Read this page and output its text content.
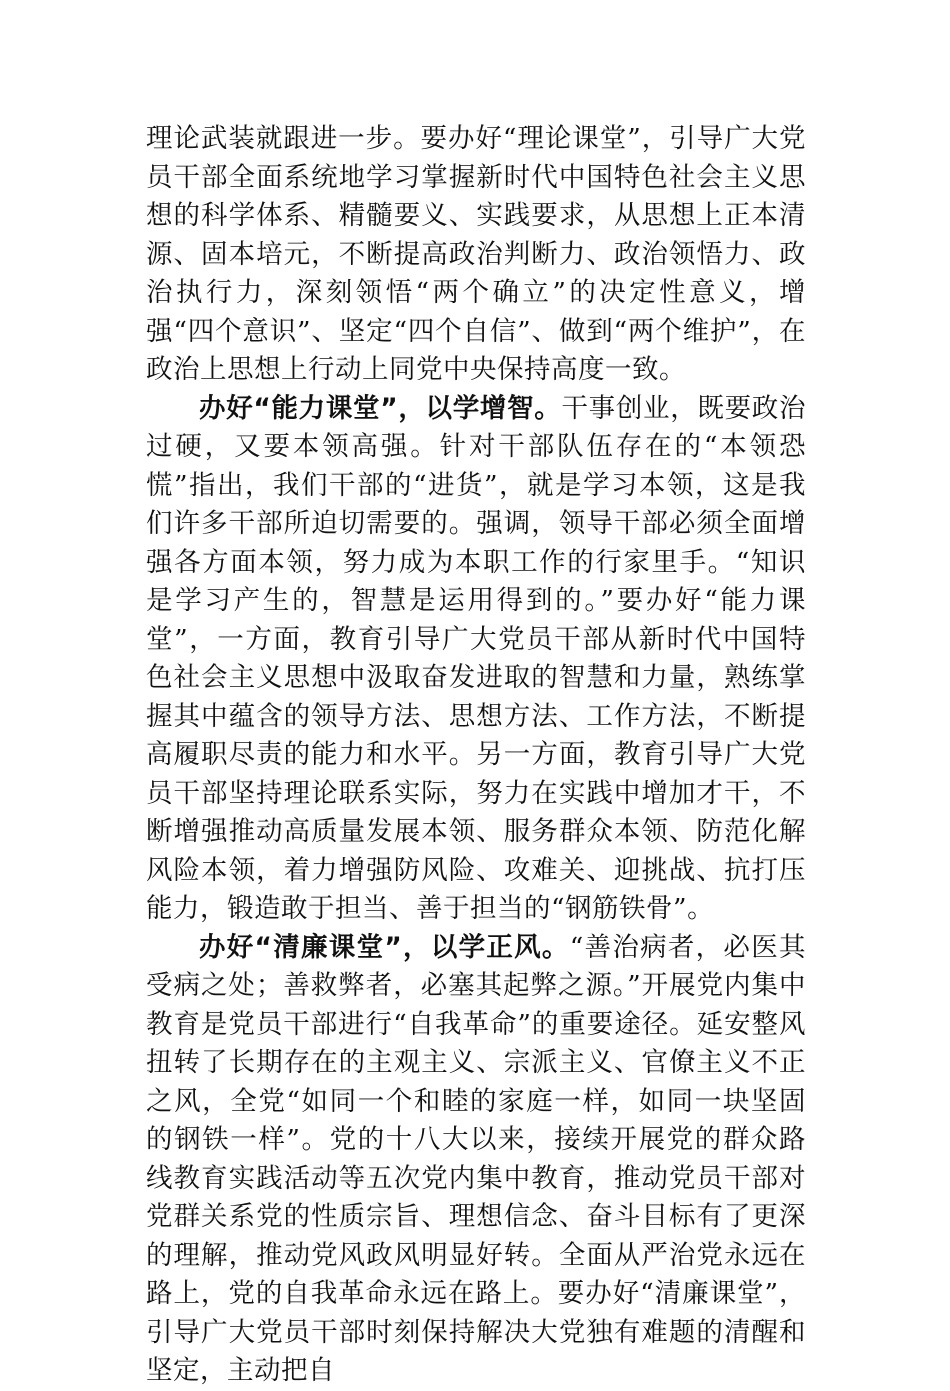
理论武装就跟进一步。要办好“理论课堂”，引导广大党员干部全面系统地学习掌握新时代中国特色社会主义思想的科学体系、精髓要义、实践要求，从思想上正本清源、固本培元，不断提高政治判断力、政治领悟力、政治执行力，深刻领悟“两个确立”的决定性意义，增强“四个意识”、坚定“四个自信”、做到“两个维护”，在政治上思想上行动上同党中央保持高度一致。

办好“能力课堂”，以学增智。干事创业，既要政治过硬，又要本领高强。针对干部队伍存在的“本领恐慌”指出，我们干部的“进货”，就是学习本领，这是我们许多干部所迫切需要的。强调，领导干部必须全面增强各方面本领，努力成为本职工作的行家里手。“知识是学习产生的，智慧是运用得到的。”要办好“能力课堂”，一方面，教育引导广大党员干部从新时代中国特色社会主义思想中汲取奋发进取的智慧和力量，熟练掌握其中蕴含的领导方法、思想方法、工作方法，不断提高履职尽责的能力和水平。另一方面，教育引导广大党员干部坚持理论联系实际，努力在实践中增加才干，不断增强推动高质量发展本领、服务群众本领、防范化解风险本领，着力增强防风险、攻难关、迎挑战、抗打压能力，锻造敢于担当、善于担当的“钢筋铁骨”。

办好“清廉课堂”，以学正风。“善治病者，必医其受病之处；善救弊者，必塞其起弊之源。”开展党内集中教育是党员干部进行“自我革命”的重要途径。延安整风扭转了长期存在的主观主义、宗派主义、官僚主义不正之风，全党“如同一个和睦的家庭一样，如同一块坚固的钢铁一样”。党的十八大以来，接续开展党的群众路线教育实践活动等五次党内集中教育，推动党员干部对党群关系党的性质宗旨、理想信念、奋斗目标有了更深的理解，推动党风政风明显好转。全面从严治党永远在路上，党的自我革命永远在路上。要办好“清廉课堂”，引导广大党员干部时刻保持解决大党独有难题的清醒和坚定，主动把自
